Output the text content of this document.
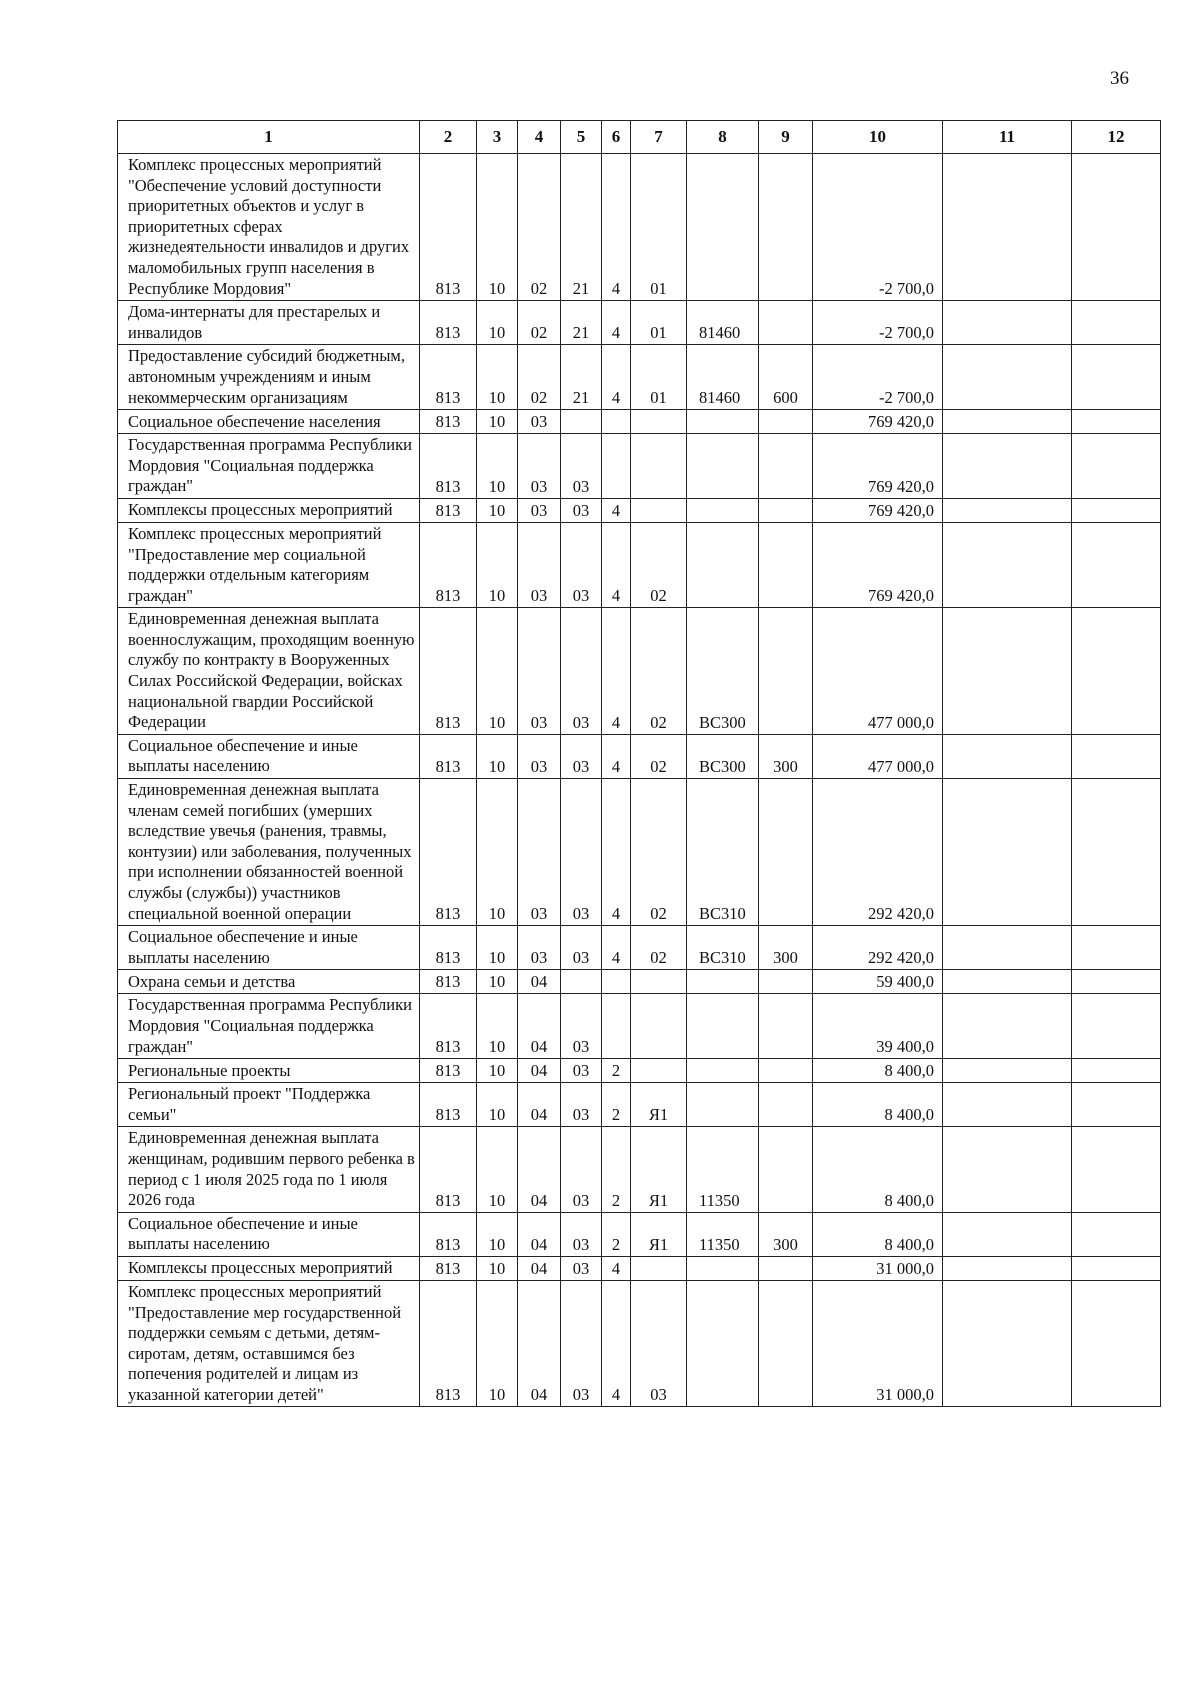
36
1	2	3	4	5	6	7	8	9	10	11	12
Комплекс процессных мероприятий "Обеспечение условий доступности приоритетных объектов и услуг в приоритетных сферах жизнедеятельности инвалидов и других маломобильных групп населения в Республике Мордовия"	813	10	02	21	4	01			-2 700,0		
Дома-интернаты для престарелых и инвалидов	813	10	02	21	4	01	81460		-2 700,0		
Предоставление субсидий бюджетным, автономным учреждениям и иным некоммерческим организациям	813	10	02	21	4	01	81460	600	-2 700,0		
Социальное обеспечение населения	813	10	03						769 420,0		
Государственная программа Республики Мордовия "Социальная поддержка граждан"	813	10	03	03					769 420,0		
Комплексы процессных мероприятий	813	10	03	03	4				769 420,0		
Комплекс процессных мероприятий "Предоставление мер социальной поддержки отдельным категориям граждан"	813	10	03	03	4	02			769 420,0		
Единовременная денежная выплата военнослужащим, проходящим военную службу по контракту в Вооруженных Силах Российской Федерации, войсках национальной гвардии Российской Федерации	813	10	03	03	4	02	ВС300		477 000,0		
Социальное обеспечение и иные выплаты населению	813	10	03	03	4	02	ВС300	300	477 000,0		
Единовременная денежная выплата членам семей погибших (умерших вследствие увечья (ранения, травмы, контузии) или заболевания, полученных при исполнении обязанностей военной службы (службы)) участников специальной военной операции	813	10	03	03	4	02	ВС310		292 420,0		
Социальное обеспечение и иные выплаты населению	813	10	03	03	4	02	ВС310	300	292 420,0		
Охрана семьи и детства	813	10	04						59 400,0		
Государственная программа Республики Мордовия "Социальная поддержка граждан"	813	10	04	03					39 400,0		
Региональные проекты	813	10	04	03	2				8 400,0		
Региональный проект "Поддержка семьи"	813	10	04	03	2	Я1			8 400,0		
Единовременная денежная выплата женщинам, родившим первого ребенка в период с 1 июля 2025 года по 1 июля 2026 года	813	10	04	03	2	Я1	11350		8 400,0		
Социальное обеспечение и иные выплаты населению	813	10	04	03	2	Я1	11350	300	8 400,0		
Комплексы процессных мероприятий	813	10	04	03	4				31 000,0		
Комплекс процессных мероприятий "Предоставление мер государственной поддержки семьям с детьми, детям-сиротам, детям, оставшимся без попечения родителей и лицам из указанной категории детей"	813	10	04	03	4	03			31 000,0		
